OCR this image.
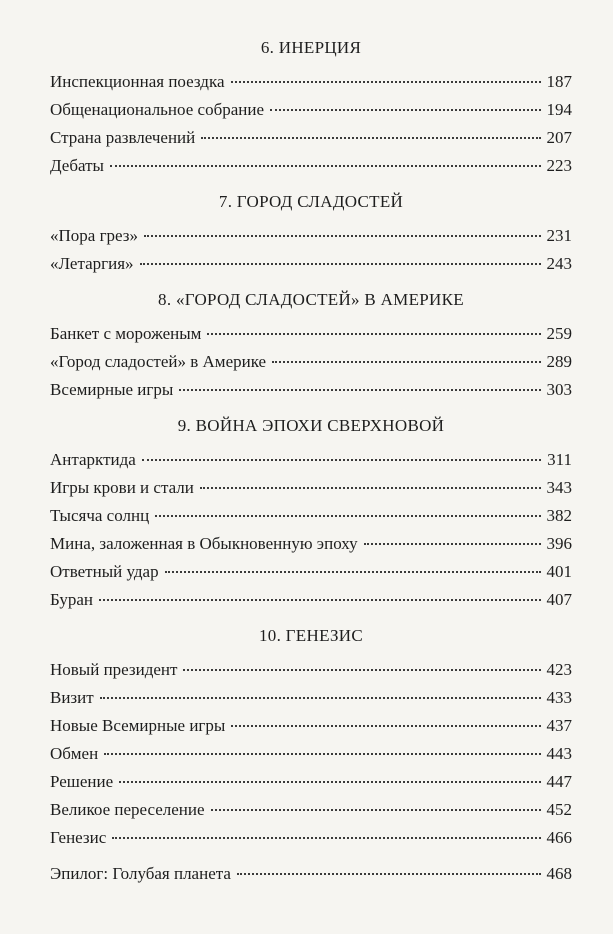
6. ИНЕРЦИЯ
Инспекционная поездка	187
Общенациональное собрание	194
Страна развлечений	207
Дебаты	223
7. ГОРОД СЛАДОСТЕЙ
«Пора грез»	231
«Летаргия»	243
8. «ГОРОД СЛАДОСТЕЙ» В АМЕРИКЕ
Банкет с мороженым	259
«Город сладостей» в Америке	289
Всемирные игры	303
9. ВОЙНА ЭПОХИ СВЕРХНОВОЙ
Антарктида	311
Игры крови и стали	343
Тысяча солнц	382
Мина, заложенная в Обыкновенную эпоху	396
Ответный удар	401
Буран	407
10. ГЕНЕЗИС
Новый президент	423
Визит	433
Новые Всемирные игры	437
Обмен	443
Решение	447
Великое переселение	452
Генезис	466
Эпилог: Голубая планета	468
